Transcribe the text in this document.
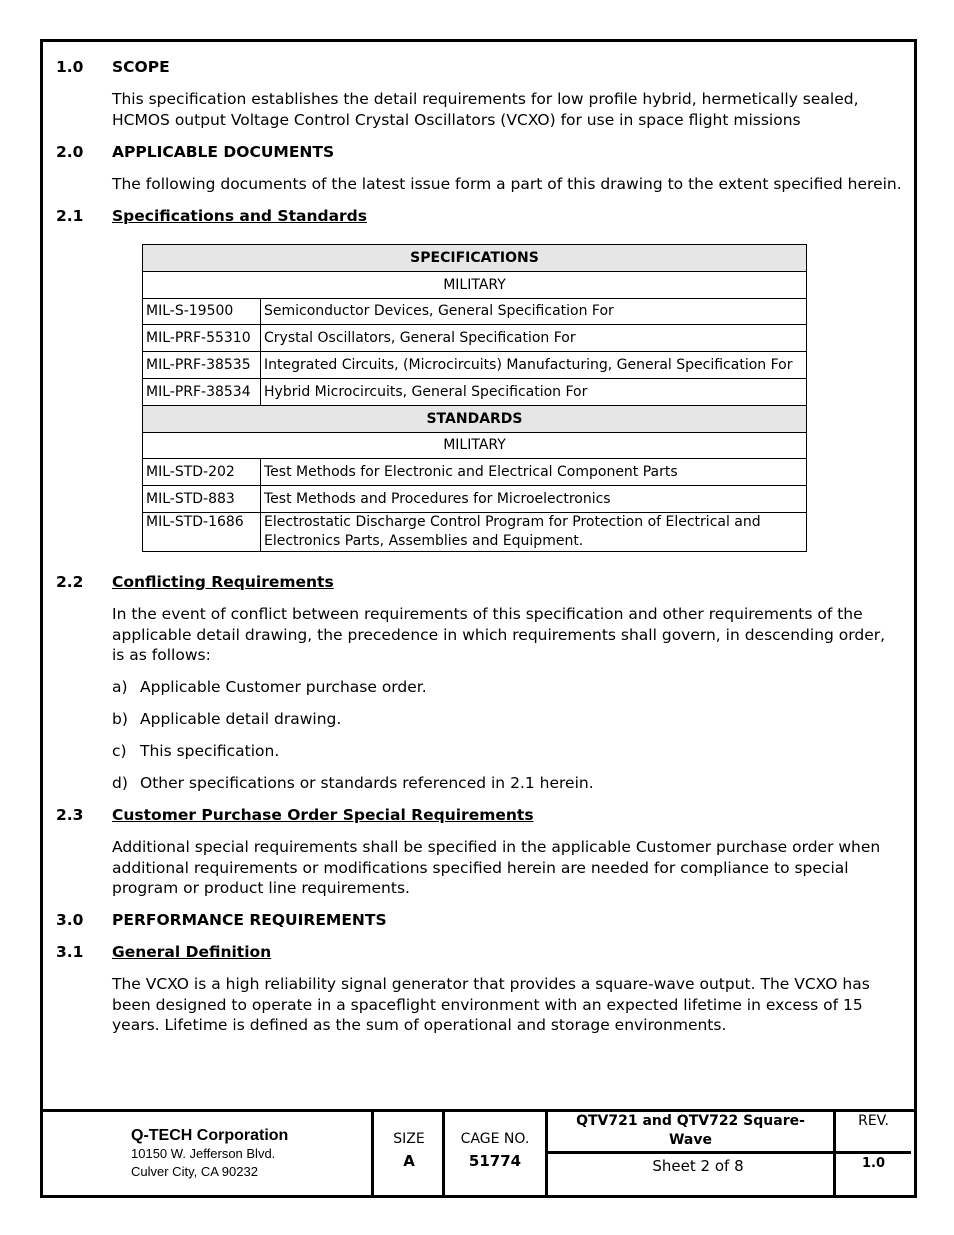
1.0 SCOPE
This specification establishes the detail requirements for low profile hybrid, hermetically sealed, HCMOS output Voltage Control Crystal Oscillators (VCXO) for use in space flight missions
2.0 APPLICABLE DOCUMENTS
The following documents of the latest issue form a part of this drawing to the extent specified herein.
2.1 Specifications and Standards
SPECIFICATIONS	
MILITARY	
MIL-S-19500	Semiconductor Devices, General Specification For
MIL-PRF-55310	Crystal Oscillators, General Specification For
MIL-PRF-38535	Integrated Circuits, (Microcircuits) Manufacturing, General Specification For
MIL-PRF-38534	Hybrid Microcircuits, General Specification For
STANDARDS	
MILITARY	
MIL-STD-202	Test Methods for Electronic and Electrical Component Parts
MIL-STD-883	Test Methods and Procedures for Microelectronics
MIL-STD-1686	Electrostatic Discharge Control Program for Protection of Electrical and Electronics Parts, Assemblies and Equipment.
2.2 Conflicting Requirements
In the event of conflict between requirements of this specification and other requirements of the applicable detail drawing, the precedence in which requirements shall govern, in descending order, is as follows:
a) Applicable Customer purchase order.
b) Applicable detail drawing.
c) This specification.
d) Other specifications or standards referenced in 2.1 herein.
2.3 Customer Purchase Order Special Requirements
Additional special requirements shall be specified in the applicable Customer purchase order when additional requirements or modifications specified herein are needed for compliance to special program or product line requirements.
3.0 PERFORMANCE REQUIREMENTS
3.1 General Definition
The VCXO is a high reliability signal generator that provides a square-wave output. The VCXO has been designed to operate in a spaceflight environment with an expected lifetime in excess of 15 years. Lifetime is defined as the sum of operational and storage environments.
Q-TECH Corporation
10150 W. Jefferson Blvd.
Culver City, CA 90232
SIZE
A
CAGE NO.
51774
QTV721 and QTV722 Square-
Wave
Sheet 2 of 8
REV.
1.0
